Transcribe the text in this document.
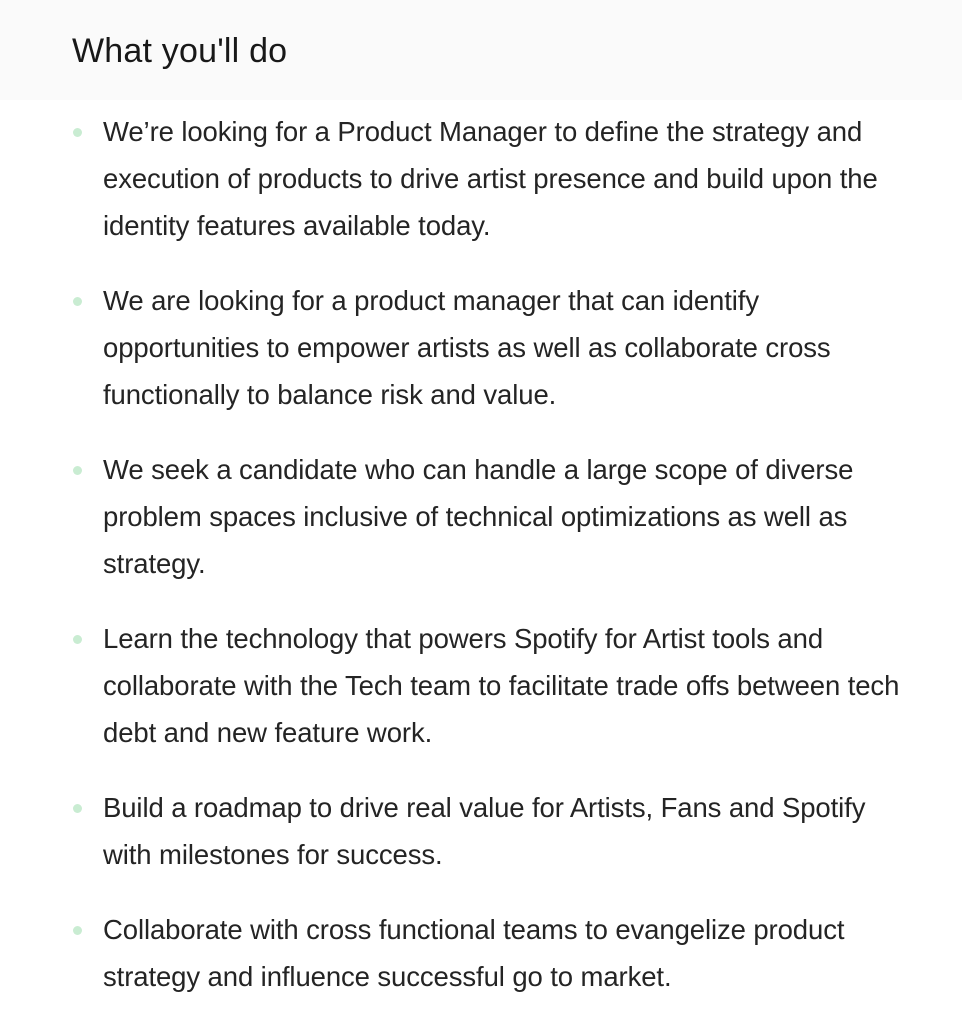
What you'll do
We’re looking for a Product Manager to define the strategy and execution of products to drive artist presence and build upon the identity features available today.
We are looking for a product manager that can identify opportunities to empower artists as well as collaborate cross functionally to balance risk and value.
We seek a candidate who can handle a large scope of diverse problem spaces inclusive of technical optimizations as well as strategy.
Learn the technology that powers Spotify for Artist tools and collaborate with the Tech team to facilitate trade offs between tech debt and new feature work.
Build a roadmap to drive real value for Artists, Fans and Spotify with milestones for success.
Collaborate with cross functional teams to evangelize product strategy and influence successful go to market.
